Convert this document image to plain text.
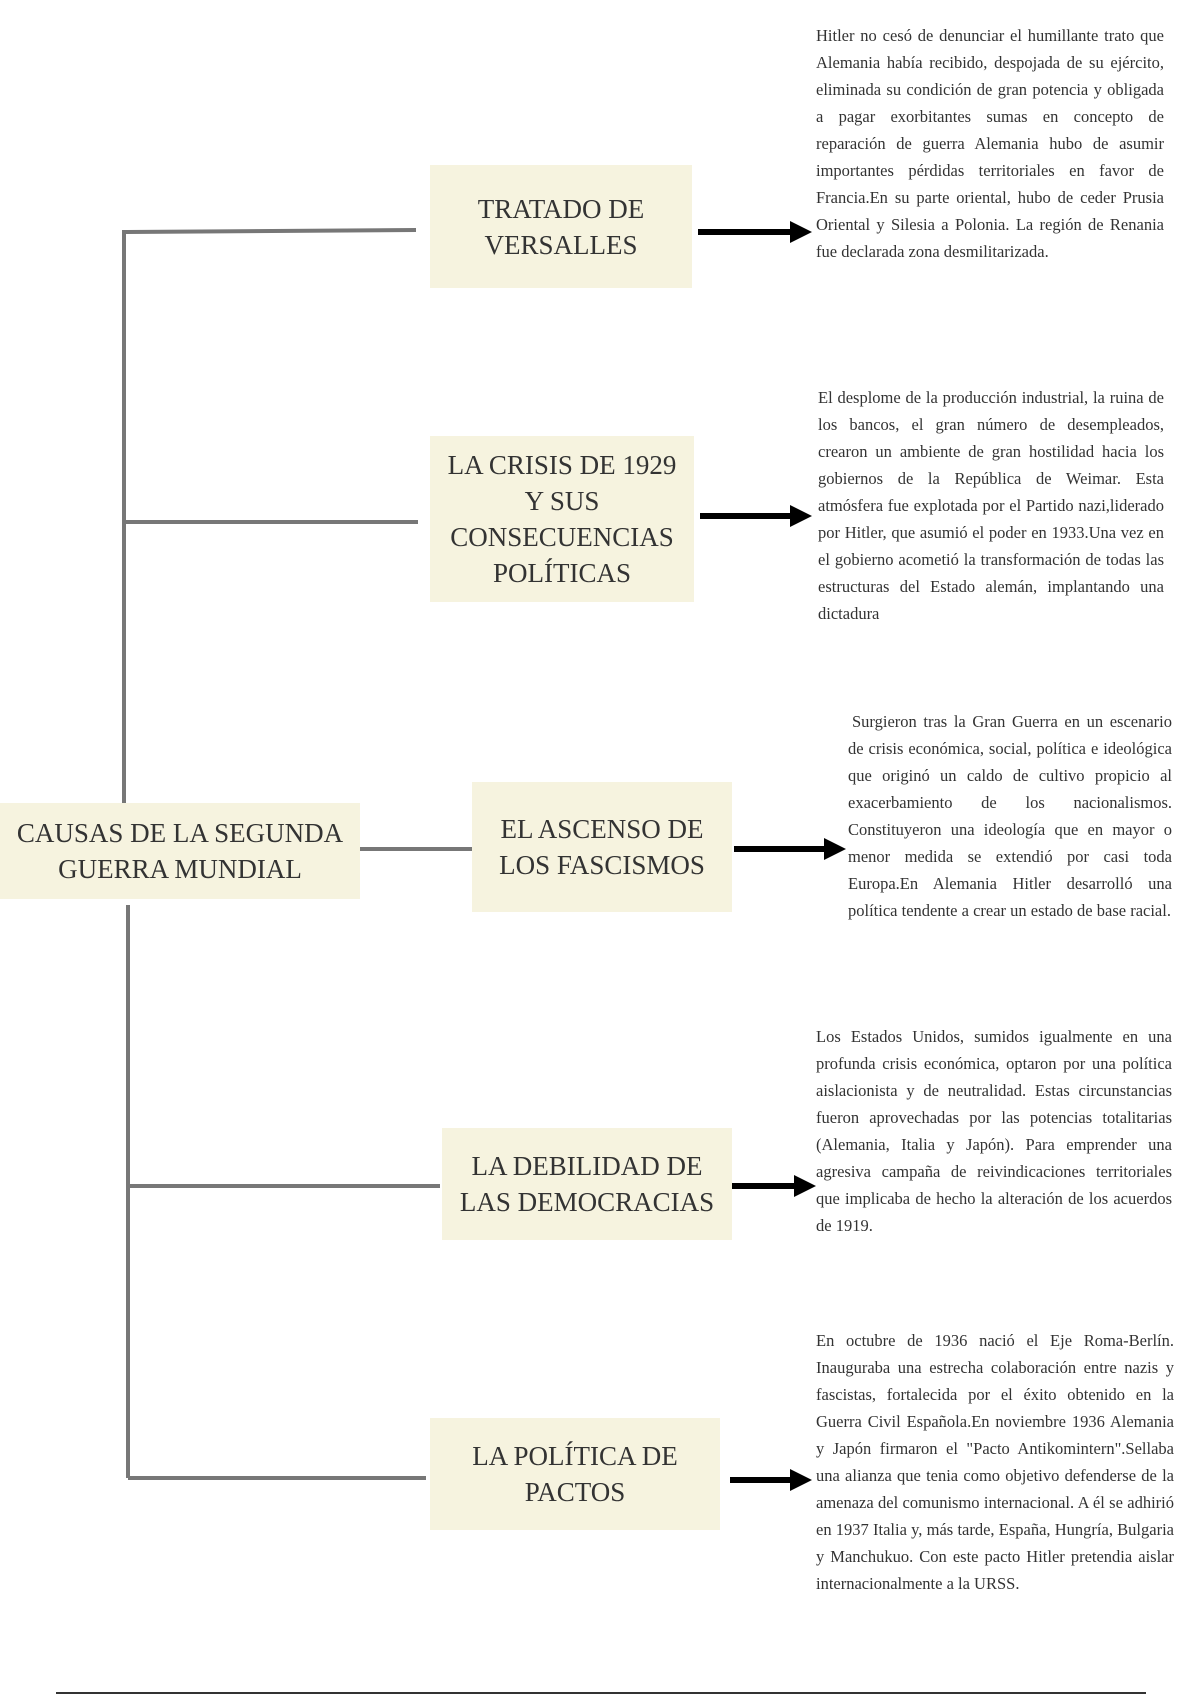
CAUSAS DE LA SEGUNDA GUERRA MUNDIAL
TRATADO DE VERSALLES
LA CRISIS DE 1929 Y SUS CONSECUENCIAS POLÍTICAS
EL ASCENSO DE LOS FASCISMOS
LA DEBILIDAD DE LAS DEMOCRACIAS
LA POLÍTICA DE PACTOS
Hitler no cesó de denunciar el humillante trato que Alemania había recibido, despojada de su ejército, eliminada su condición de gran potencia y obligada a pagar exorbitantes sumas en concepto de reparación de guerra Alemania hubo de asumir importantes pérdidas territoriales en favor de Francia.En su parte oriental, hubo de ceder Prusia Oriental y Silesia a Polonia. La región de Renania fue declarada zona desmilitarizada.
El desplome de la producción industrial, la ruina de los bancos, el gran número de desempleados, crearon un ambiente de gran hostilidad hacia los gobiernos de la República de Weimar. Esta atmósfera fue explotada por el Partido nazi,liderado por Hitler, que asumió el poder en 1933.Una vez en el gobierno acometió la transformación de todas las estructuras del Estado alemán, implantando una dictadura
Surgieron tras la Gran Guerra en un escenario de crisis económica, social, política e ideológica que originó un caldo de cultivo propicio al exacerbamiento de los nacionalismos. Constituyeron una ideología que en mayor o menor medida se extendió por casi toda Europa.En Alemania Hitler desarrolló una política tendente a crear un estado de base racial.
Los Estados Unidos, sumidos igualmente en una profunda crisis económica, optaron por una política aislacionista y de neutralidad. Estas circunstancias fueron aprovechadas por las potencias totalitarias (Alemania, Italia y Japón). Para emprender una agresiva campaña de reivindicaciones territoriales que implicaba de hecho la alteración de los acuerdos de 1919.
En octubre de 1936 nació el Eje Roma-Berlín. Inauguraba una estrecha colaboración entre nazis y fascistas, fortalecida por el éxito obtenido en la Guerra Civil Española.En noviembre 1936 Alemania y Japón firmaron el "Pacto Antikomintern".Sellaba una alianza que tenia como objetivo defenderse de la amenaza del comunismo internacional. A él se adhirió en 1937 Italia y, más tarde, España, Hungría, Bulgaria y Manchukuo. Con este pacto Hitler pretendia aislar internacionalmente a la URSS.
